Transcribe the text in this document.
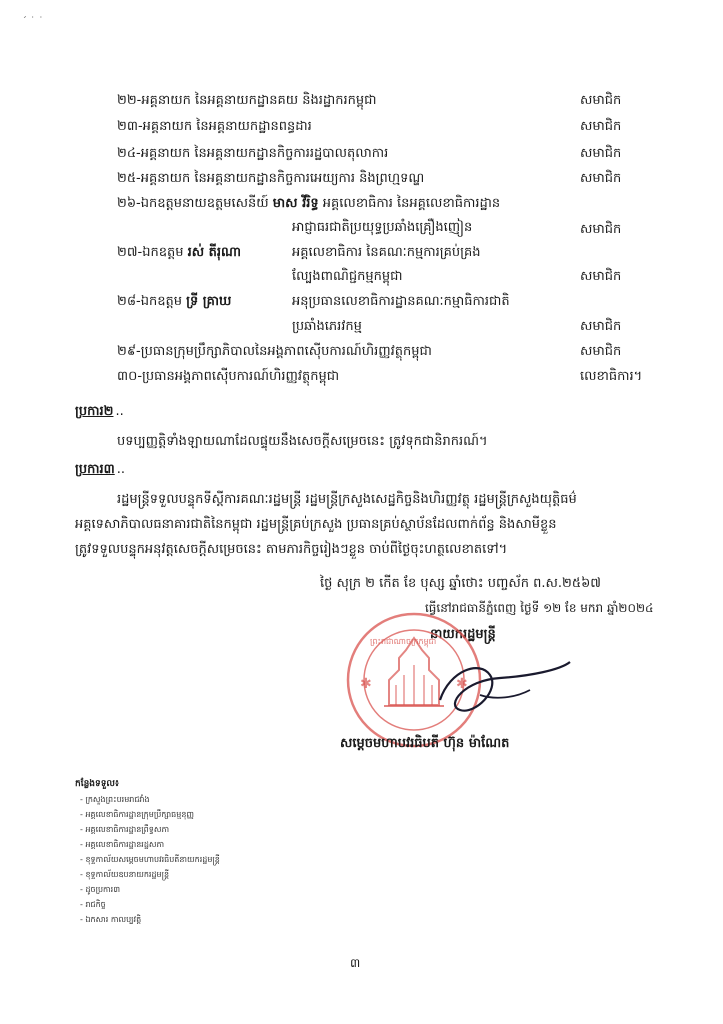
ˊ ˙ ˙
២២-អគ្គនាយក នៃអគ្គនាយកដ្ឋានគយ និងរដ្ឋាករកម្ពុជា	សមាជិក
២៣-អគ្គនាយក នៃអគ្គនាយកដ្ឋានពន្ធដារ	សមាជិក
២៤-អគ្គនាយក នៃអគ្គនាយកដ្ឋានកិច្ចការរដ្ឋបាលតុលាការ	សមាជិក
២៥-អគ្គនាយក នៃអគ្គនាយកដ្ឋានកិច្ចការអេយ្យការ និងព្រហ្មទណ្ឌ	សមាជិក
២៦-ឯកឧត្តមនាយឧត្តមសេនីយ៍ មាស វីរិទ្ធ អគ្គលេខាធិការ នៃអគ្គលេខាធិការដ្ឋាន
អាជ្ញាធរជាតិប្រយុទ្ធប្រឆាំងគ្រឿងញៀន	សមាជិក
២៧-ឯកឧត្តម រស់ តីរុណា	អគ្គលេខាធិការ នៃគណៈកម្មការគ្រប់គ្រង
ល្បែងពាណិជ្ជកម្មកម្ពុជា	សមាជិក
២៨-ឯកឧត្តម ទ្រី គ្រាឃ	អនុប្រធានលេខាធិការដ្ឋានគណៈកម្មាធិការជាតិ
ប្រឆាំងភេរវកម្ម	សមាជិក
២៩-ប្រធានក្រុមប្រឹក្សាភិបាលនៃអង្គភាពស៊ើបការណ៍ហិរញ្ញវត្ថុកម្ពុជា	សមាជិក
៣០-ប្រធានអង្គភាពស៊ើបការណ៍ហិរញ្ញវត្ថុកម្ពុជា	លេខាធិការ។
ប្រការ២ ..
បទប្បញ្ញត្តិទាំងឡាយណាដែលផ្ទុយនឹងសេចក្ដីសម្រេចនេះ ត្រូវទុកជានិរាករណ៍។
ប្រការ៣ ..
រដ្ឋមន្ត្រីទទួលបន្ទុកទីស្ដីការគណៈរដ្ឋមន្ត្រី រដ្ឋមន្ត្រីក្រសួងសេដ្ឋកិច្ចនិងហិរញ្ញវត្ថុ រដ្ឋមន្ត្រីក្រសួងយុត្តិធម៌
អគ្គទេសាភិបាលធនាគារជាតិនៃកម្ពុជា រដ្ឋមន្ត្រីគ្រប់ក្រសួង ប្រធានគ្រប់ស្ថាប័នដែលពាក់ព័ន្ធ និងសាមីខ្លួន
ត្រូវទទួលបន្ទុកអនុវត្តសេចក្ដីសម្រេចនេះ តាមភារកិច្ចរៀងៗខ្លួន ចាប់ពីថ្ងៃចុះហត្ថលេខាតទៅ។
ថ្ងៃ សុក្រ ២ កើត ខែ បុស្ស ឆ្នាំថោះ បញ្ចស័ក ព.ស.២៥៦៧
ធ្វើនៅរាជធានីភ្នំពេញ ថ្ងៃទី ១២ ខែ មករា ឆ្នាំ២០២៤
នាយករដ្ឋមន្ត្រី
✱	✱
ព្រះរាជាណាចក្រកម្ពុជា
សម្ដេចមហាបវរធិបតី ហ៊ុន ម៉ាណែត
កន្លែងទទួល៖
- ក្រសួងព្រះបរមរាជវាំង
- អគ្គលេខាធិការដ្ឋានក្រុមប្រឹក្សាធម្មនុញ្ញ
- អគ្គលេខាធិការដ្ឋានព្រឹទ្ធសភា
- អគ្គលេខាធិការដ្ឋានរដ្ឋសភា
- ខុទ្ទកាល័យសម្ដេចមហាបវរធិបតីនាយករដ្ឋមន្ត្រី
- ខុទ្ទកាល័យឧបនាយករដ្ឋមន្ត្រី
- ដូចប្រការ៣
- រាជកិច្ច
- ឯកសារ កាលប្បវត្តិ
៣
